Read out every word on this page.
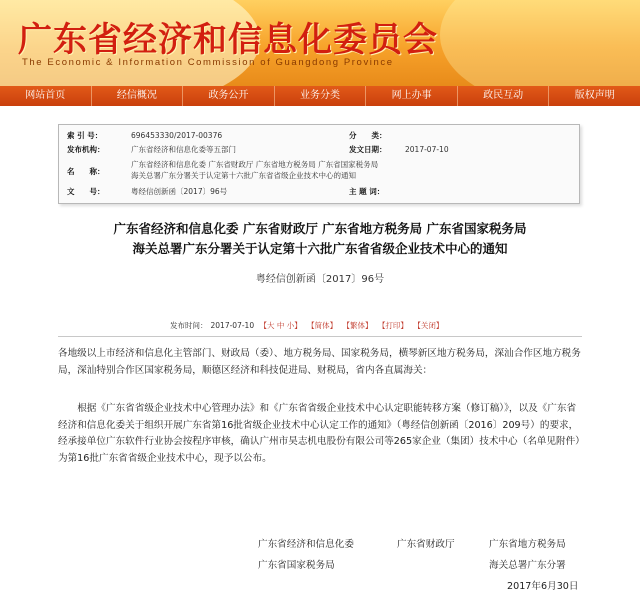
广东省经济和信息化委员会
The Economic & Information Commission of Guangdong Province
网站首页	经信概况	政务公开	业务分类	网上办事	政民互动	版权声明
索 引 号：	696453330/2017-00376	分　　类：
发布机构：	广东省经济和信息化委等五部门	发文日期：	2017-07-10
名　　称：
广东省经济和信息化委 广东省财政厅 广东省地方税务局 广东省国家税务局
海关总署广东分署关于认定第十六批广东省省级企业技术中心的通知
文　　号：	粤经信创新函〔2017〕96号	主 题 词：
广东省经济和信息化委 广东省财政厅 广东省地方税务局 广东省国家税务局
海关总署广东分署关于认定第十六批广东省省级企业技术中心的通知
粤经信创新函〔2017〕96号
发布时间： 2017-07-10 【大 中 小】 【简体】 【繁体】 【打印】 【关闭】
各地级以上市经济和信息化主管部门、财政局（委）、地方税务局、国家税务局，横琴新区地方税务局，深汕合作区地方税务局，深汕特别合作区国家税务局，顺德区经济和科技促进局、财税局，省内各直属海关：
根据《广东省省级企业技术中心管理办法》和《广东省省级企业技术中心认定职能转移方案（修订稿）》，以及《广东省经济和信息化委关于组织开展广东省第16批省级企业技术中心认定工作的通知》（粤经信创新函〔2016〕209号）的要求，经承接单位广东软件行业协会按程序审核，确认广州市昊志机电股份有限公司等265家企业（集团）技术中心（名单见附件）为第16批广东省省级企业技术中心，现予以公布。
广东省经济和信息化委	广东省财政厅	广东省地方税务局
广东省国家税务局	海关总署广东分署
2017年6月30日
